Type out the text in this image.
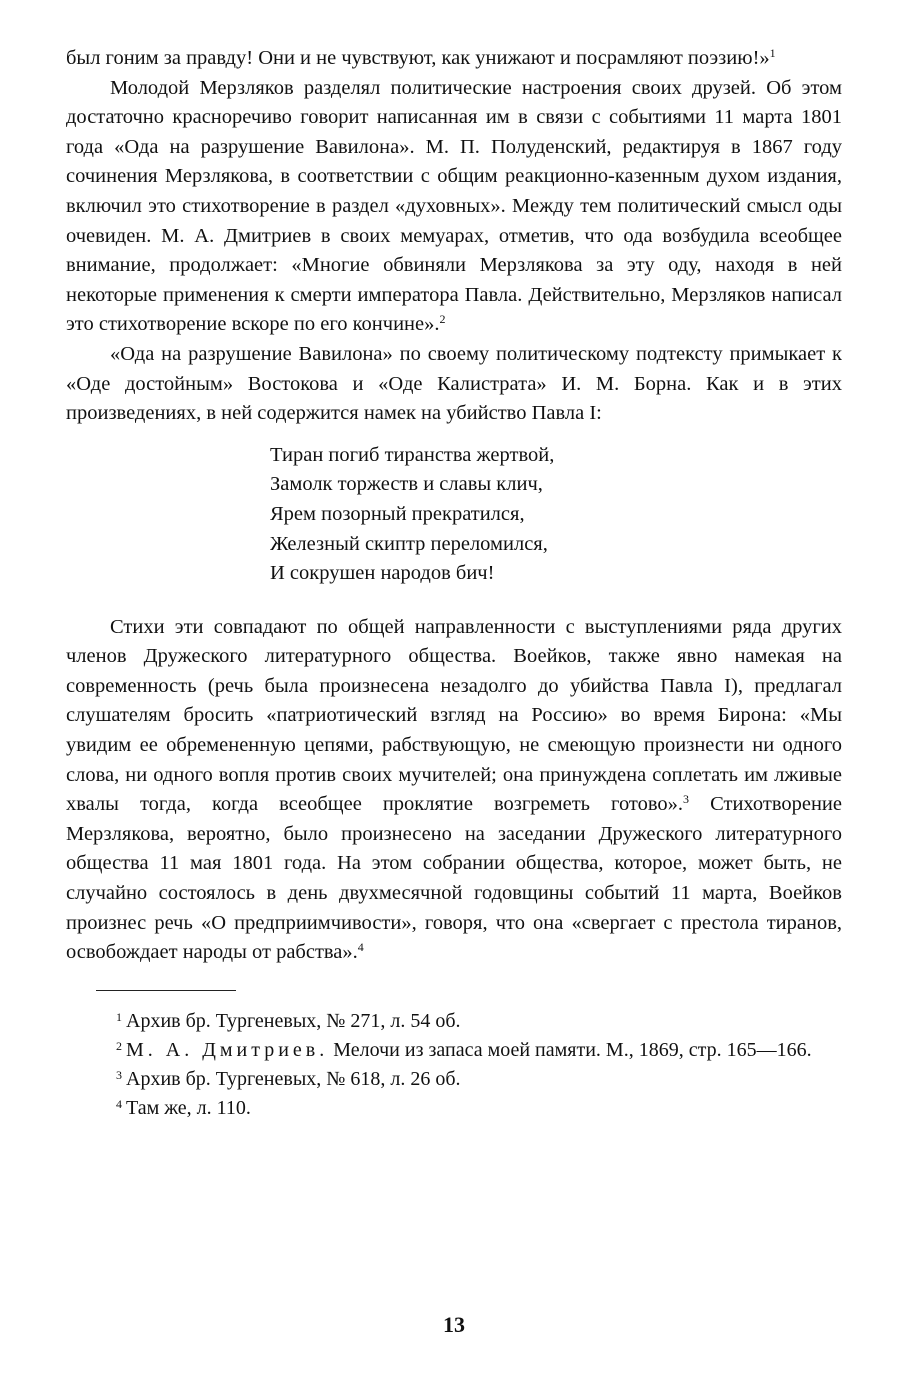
был гоним за правду! Они и не чувствуют, как унижают и посрамляют поэзию!»$^1$

Молодой Мерзляков разделял политические настроения своих друзей. Об этом достаточно красноречиво говорит написанная им в связи с событиями 11 марта 1801 года «Ода на разрушение Вавилона». М. П. Полуденский, редактируя в 1867 году сочинения Мерзлякова, в соответствии с общим реакционно-казенным духом издания, включил это стихотворение в раздел «духовных». Между тем политический смысл оды очевиден. М. А. Дмитриев в своих мемуарах, отметив, что ода возбудила всеобщее внимание, продолжает: «Многие обвиняли Мерзлякова за эту оду, находя в ней некоторые применения к смерти императора Павла. Действительно, Мерзляков написал это стихотворение вскоре по его кончине».$^2$

«Ода на разрушение Вавилона» по своему политическому подтексту примыкает к «Оде достойным» Востокова и «Оде Калистрата» И. М. Борна. Как и в этих произведениях, в ней содержится намек на убийство Павла I:

Тиран погиб тиранства жертвой,
Замолк торжеств и славы клич,
Ярем позорный прекратился,
Железный скиптр переломился,
И сокрушен народов бич!

Стихи эти совпадают по общей направленности с выступлениями ряда других членов Дружеского литературного общества. Воейков, также явно намекая на современность (речь была произнесена незадолго до убийства Павла I), предлагал слушателям бросить «патриотический взгляд на Россию» во время Бирона: «Мы увидим ее обремененную цепями, рабствующую, не смеющую произнести ни одного слова, ни одного вопля против своих мучителей; она принуждена соплетать им лживые хвалы тогда, когда всеобщее проклятие возгреметь готово».$^3$ Стихотворение Мерзлякова, вероятно, было произнесено на заседании Дружеского литературного общества 11 мая 1801 года. На этом собрании общества, которое, может быть, не случайно состоялось в день двухмесячной годовщины событий 11 марта, Воейков произнес речь «О предприимчивости», говоря, что она «свергает с престола тиранов, освобождает народы от рабства».$^4$

$^1$ Архив бр. Тургеневых, № 271, л. 54 об.

$^2$ М. А. Дмитриев. Мелочи из запаса моей памяти. М., 1869, стр. 165—166.

$^3$ Архив бр. Тургеневых, № 618, л. 26 об.

$^4$ Там же, л. 110.

13
